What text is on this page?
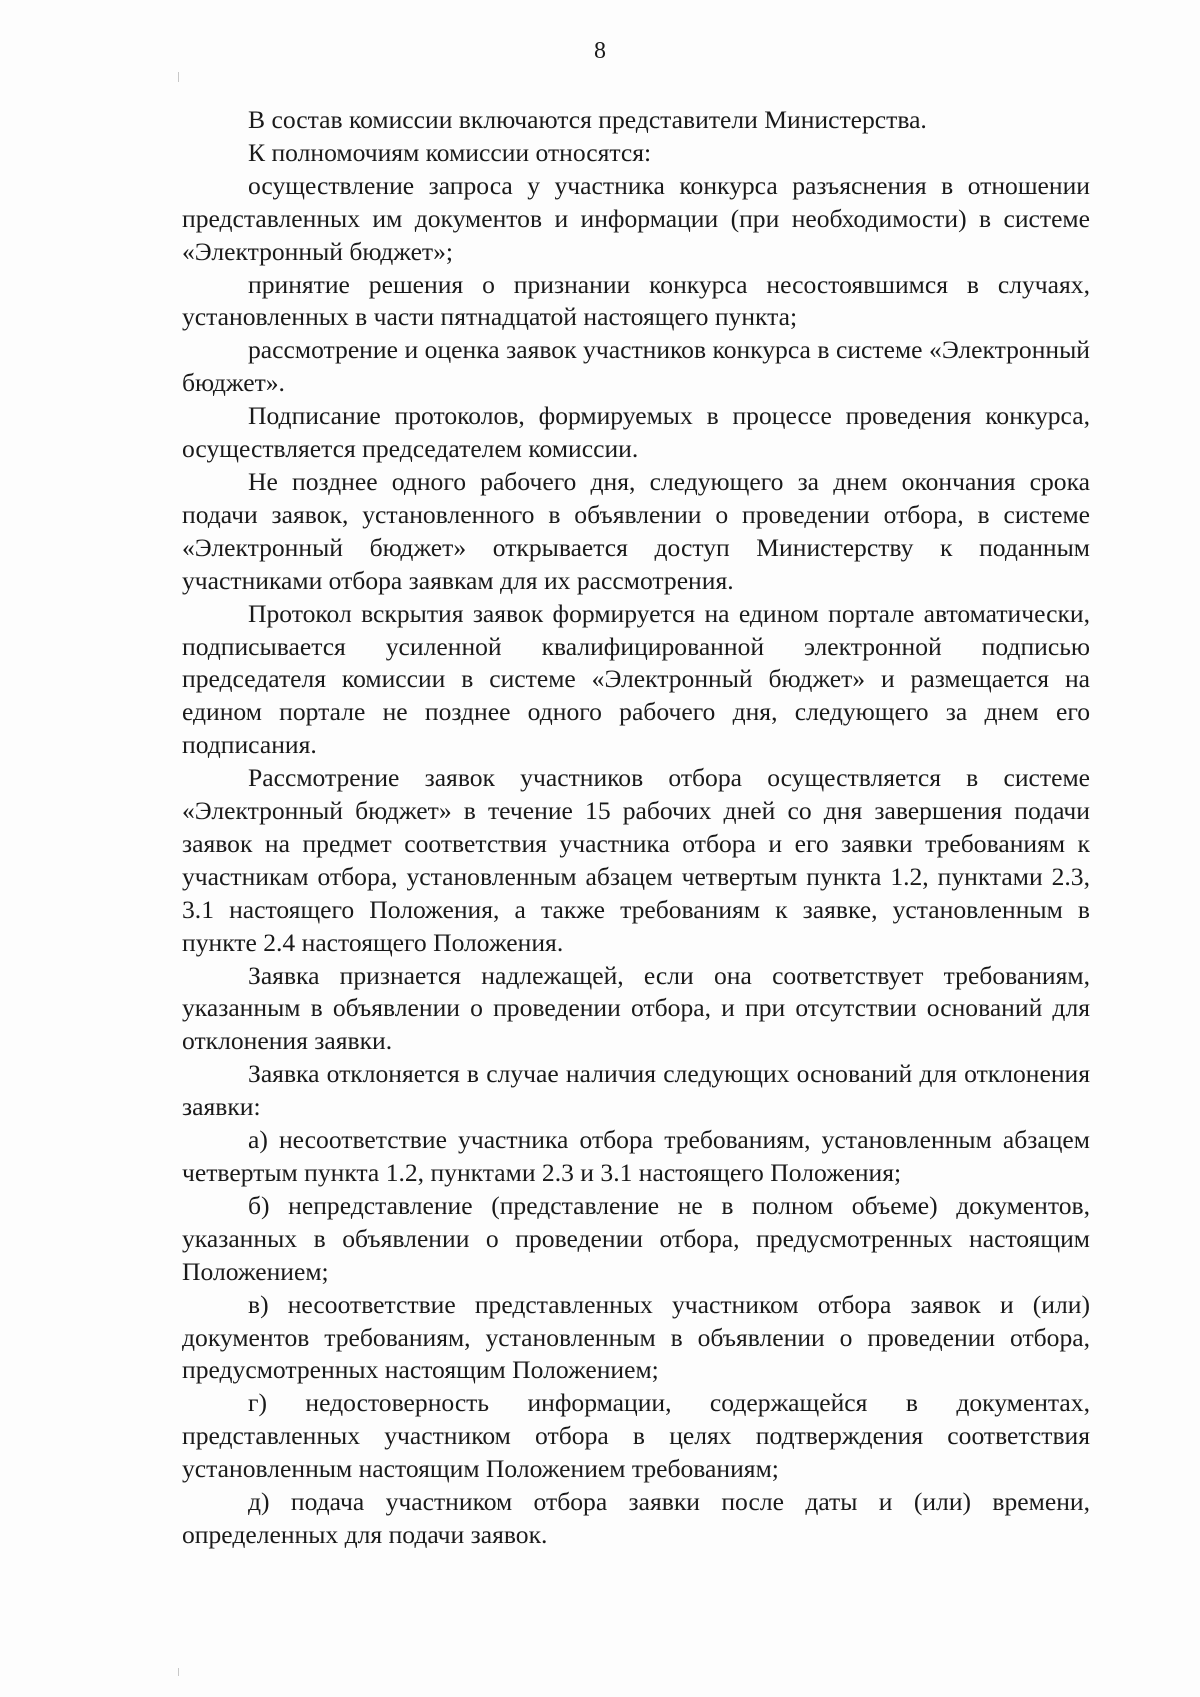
8

В состав комиссии включаются представители Министерства.

К полномочиям комиссии относятся:

осуществление запроса у участника конкурса разъяснения в отношении представленных им документов и информации (при необходимости) в системе «Электронный бюджет»;

принятие решения о признании конкурса несостоявшимся в случаях, установленных в части пятнадцатой настоящего пункта;

рассмотрение и оценка заявок участников конкурса в системе «Электронный бюджет».

Подписание протоколов, формируемых в процессе проведения конкурса, осуществляется председателем комиссии.

Не позднее одного рабочего дня, следующего за днем окончания срока подачи заявок, установленного в объявлении о проведении отбора, в системе «Электронный бюджет» открывается доступ Министерству к поданным участниками отбора заявкам для их рассмотрения.

Протокол вскрытия заявок формируется на едином портале автоматически, подписывается усиленной квалифицированной электронной подписью председателя комиссии в системе «Электронный бюджет» и размещается на едином портале не позднее одного рабочего дня, следующего за днем его подписания.

Рассмотрение заявок участников отбора осуществляется в системе «Электронный бюджет» в течение 15 рабочих дней со дня завершения подачи заявок на предмет соответствия участника отбора и его заявки требованиям к участникам отбора, установленным абзацем четвертым пункта 1.2, пунктами 2.3, 3.1 настоящего Положения, а также требованиям к заявке, установленным в пункте 2.4 настоящего Положения.

Заявка признается надлежащей, если она соответствует требованиям, указанным в объявлении о проведении отбора, и при отсутствии оснований для отклонения заявки.

Заявка отклоняется в случае наличия следующих оснований для отклонения заявки:

а) несоответствие участника отбора требованиям, установленным абзацем четвертым пункта 1.2, пунктами 2.3 и 3.1 настоящего Положения;

б) непредставление (представление не в полном объеме) документов, указанных в объявлении о проведении отбора, предусмотренных настоящим Положением;

в) несоответствие представленных участником отбора заявок и (или) документов требованиям, установленным в объявлении о проведении отбора, предусмотренных настоящим Положением;

г) недостоверность информации, содержащейся в документах, представленных участником отбора в целях подтверждения соответствия установленным настоящим Положением требованиям;

д) подача участником отбора заявки после даты и (или) времени, определенных для подачи заявок.
